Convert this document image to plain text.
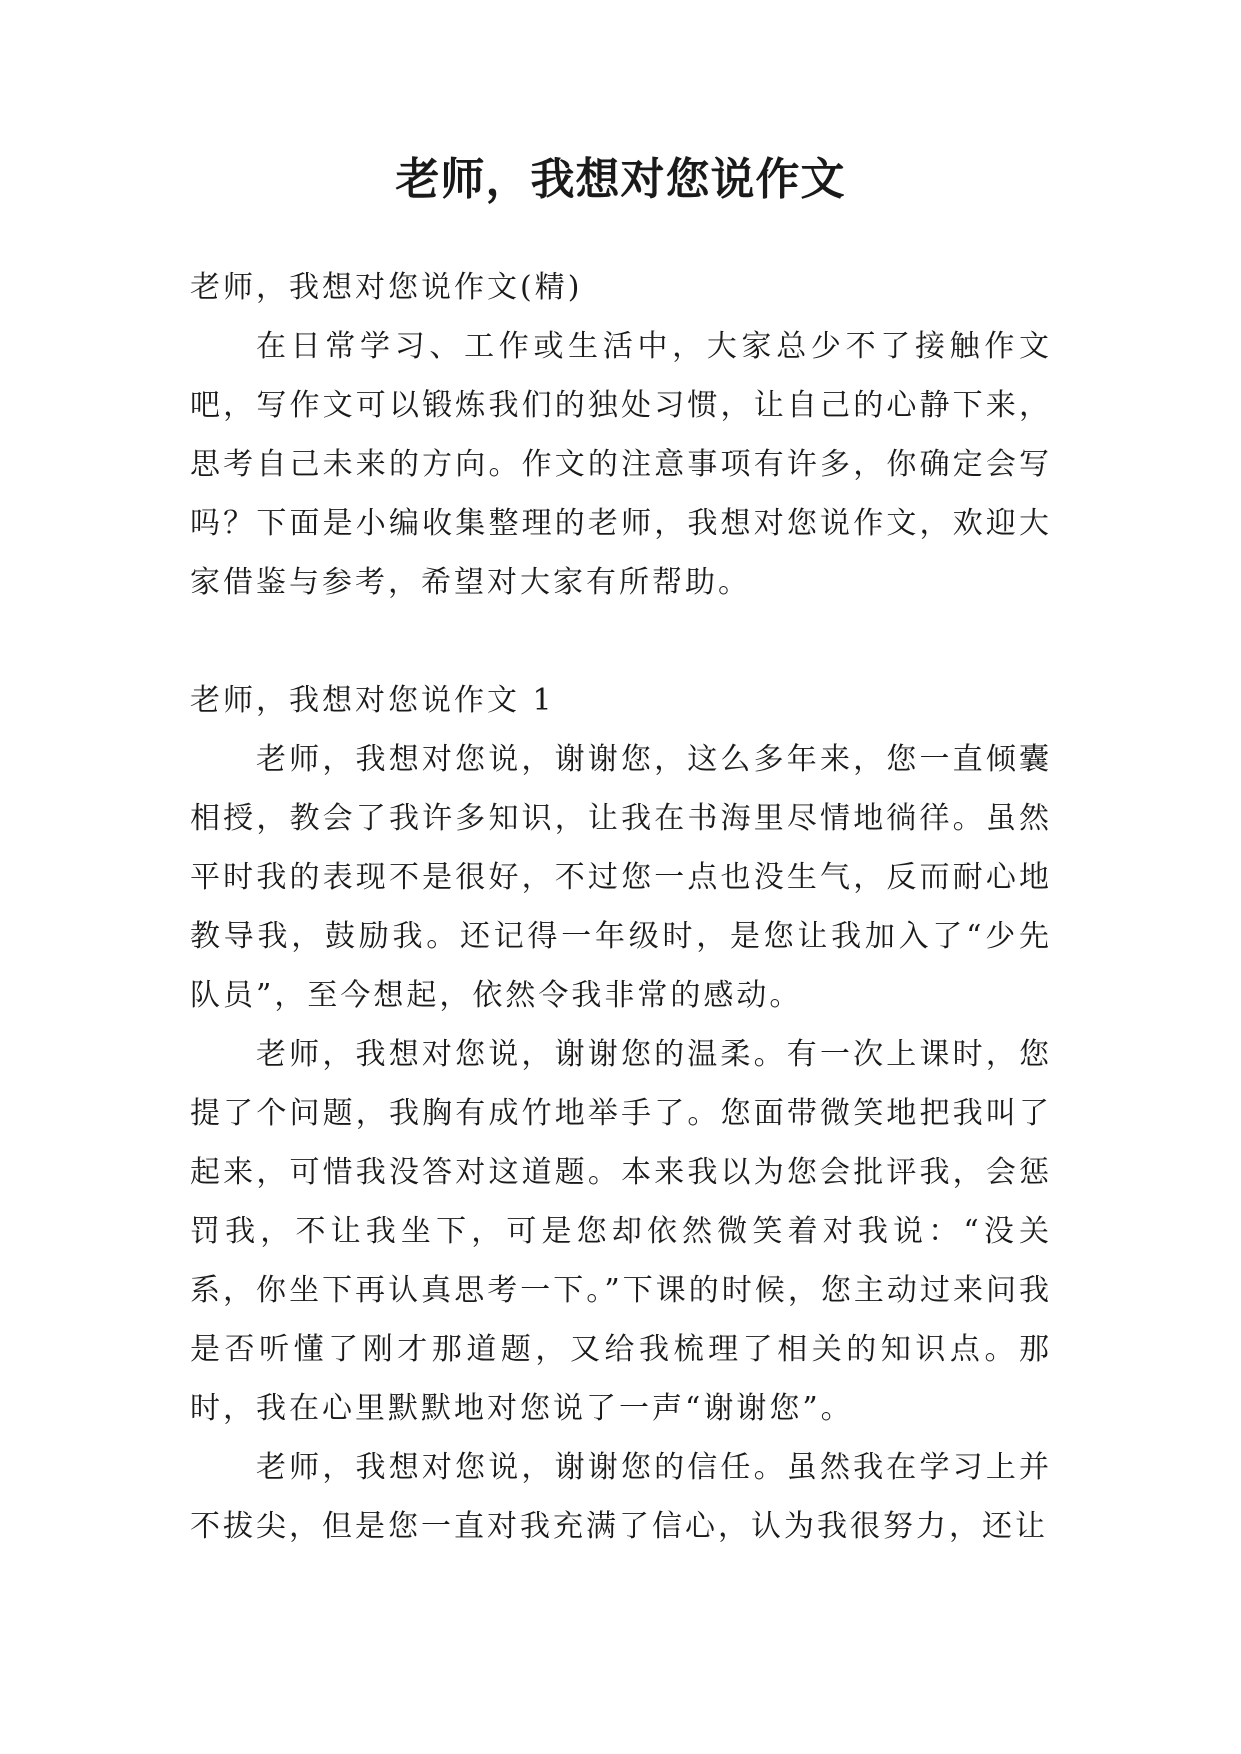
老师，我想对您说作文

老师，我想对您说作文(精)

在日常学习、工作或生活中，大家总少不了接触作文吧，写作文可以锻炼我们的独处习惯，让自己的心静下来，思考自己未来的方向。作文的注意事项有许多，你确定会写吗？下面是小编收集整理的老师，我想对您说作文，欢迎大家借鉴与参考，希望对大家有所帮助。

老师，我想对您说作文 1

老师，我想对您说，谢谢您，这么多年来，您一直倾囊相授，教会了我许多知识，让我在书海里尽情地徜徉。虽然平时我的表现不是很好，不过您一点也没生气，反而耐心地教导我，鼓励我。还记得一年级时，是您让我加入了“少先队员”，至今想起，依然令我非常的感动。

老师，我想对您说，谢谢您的温柔。有一次上课时，您提了个问题，我胸有成竹地举手了。您面带微笑地把我叫了起来，可惜我没答对这道题。本来我以为您会批评我，会惩罚我，不让我坐下，可是您却依然微笑着对我说：“没关系，你坐下再认真思考一下。”下课的时候，您主动过来问我是否听懂了刚才那道题，又给我梳理了相关的知识点。那时，我在心里默默地对您说了一声“谢谢您”。

老师，我想对您说，谢谢您的信任。虽然我在学习上并不拔尖，但是您一直对我充满了信心，认为我很努力，还让
